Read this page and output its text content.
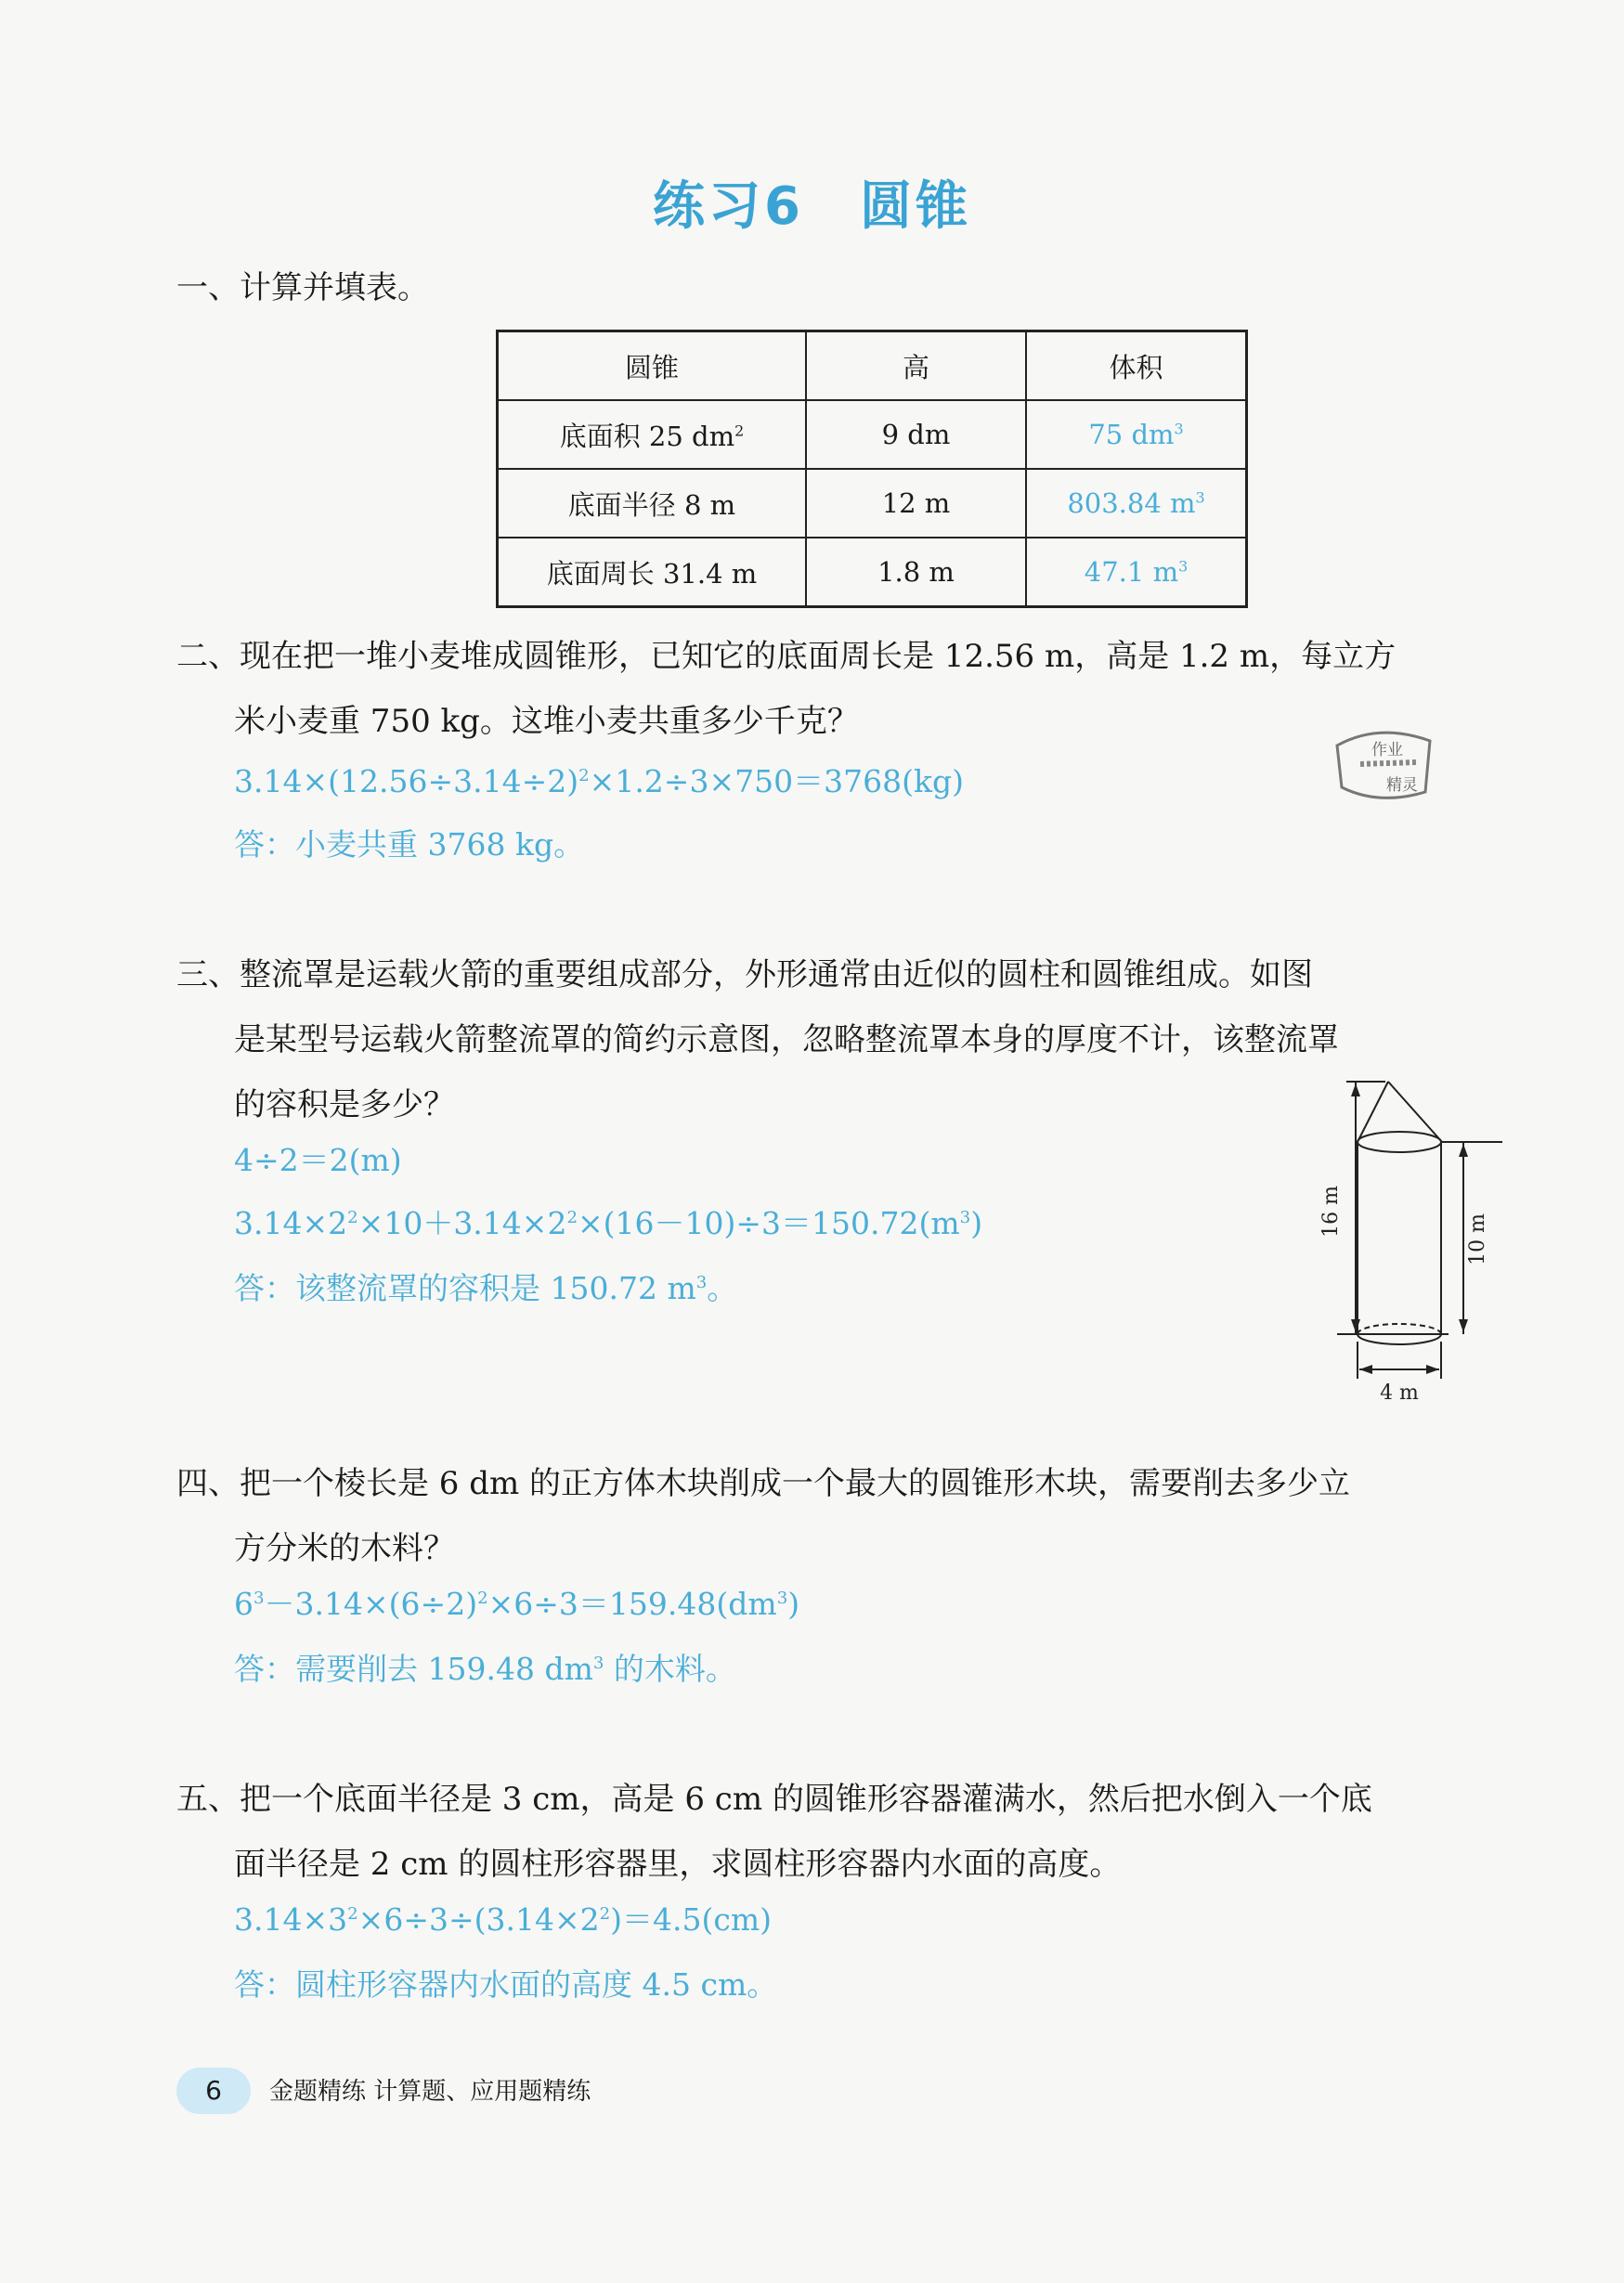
练习6　圆锥
一、计算并填表。
圆锥	高	体积
底面积 25 $dm^2$	9 dm	75 $dm^3$
底面半径 8 m	12 m	803.84 $m^3$
底面周长 31.4 m	1.8 m	47.1 $m^3$
二、现在把一堆小麦堆成圆锥形，已知它的底面周长是 12.56 m，高是 1.2 m，每立方
米小麦重 750 kg。这堆小麦共重多少千克？
$3.14\times(12.56\div 3.14\div 2)^2\times 1.2\div 3\times 750=3768(kg)$
答：小麦共重 3768 kg。
作业
精灵
三、整流罩是运载火箭的重要组成部分，外形通常由近似的圆柱和圆锥组成。如图
是某型号运载火箭整流罩的简约示意图，忽略整流罩本身的厚度不计，该整流罩
的容积是多少？
4÷2＝2(m)
$3.14\times 2^2\times 10+3.14\times 2^2\times(16-10)\div 3=150.72(m^3)$
答：该整流罩的容积是 150.72 $m^3$。
16 m
10 m
4 m
四、把一个棱长是 6 dm 的正方体木块削成一个最大的圆锥形木块，需要削去多少立
方分米的木料？
$6^3-3.14\times(6\div 2)^2\times 6\div 3=159.48(dm^3)$
答：需要削去 159.48 $dm^3$ 的木料。
五、把一个底面半径是 3 cm，高是 6 cm 的圆锥形容器灌满水，然后把水倒入一个底
面半径是 2 cm 的圆柱形容器里，求圆柱形容器内水面的高度。
$3.14\times 3^2\times 6\div 3\div(3.14\times 2^2)=4.5(cm)$
答：圆柱形容器内水面的高度 4.5 cm。
6	金题精练 计算题、应用题精练
